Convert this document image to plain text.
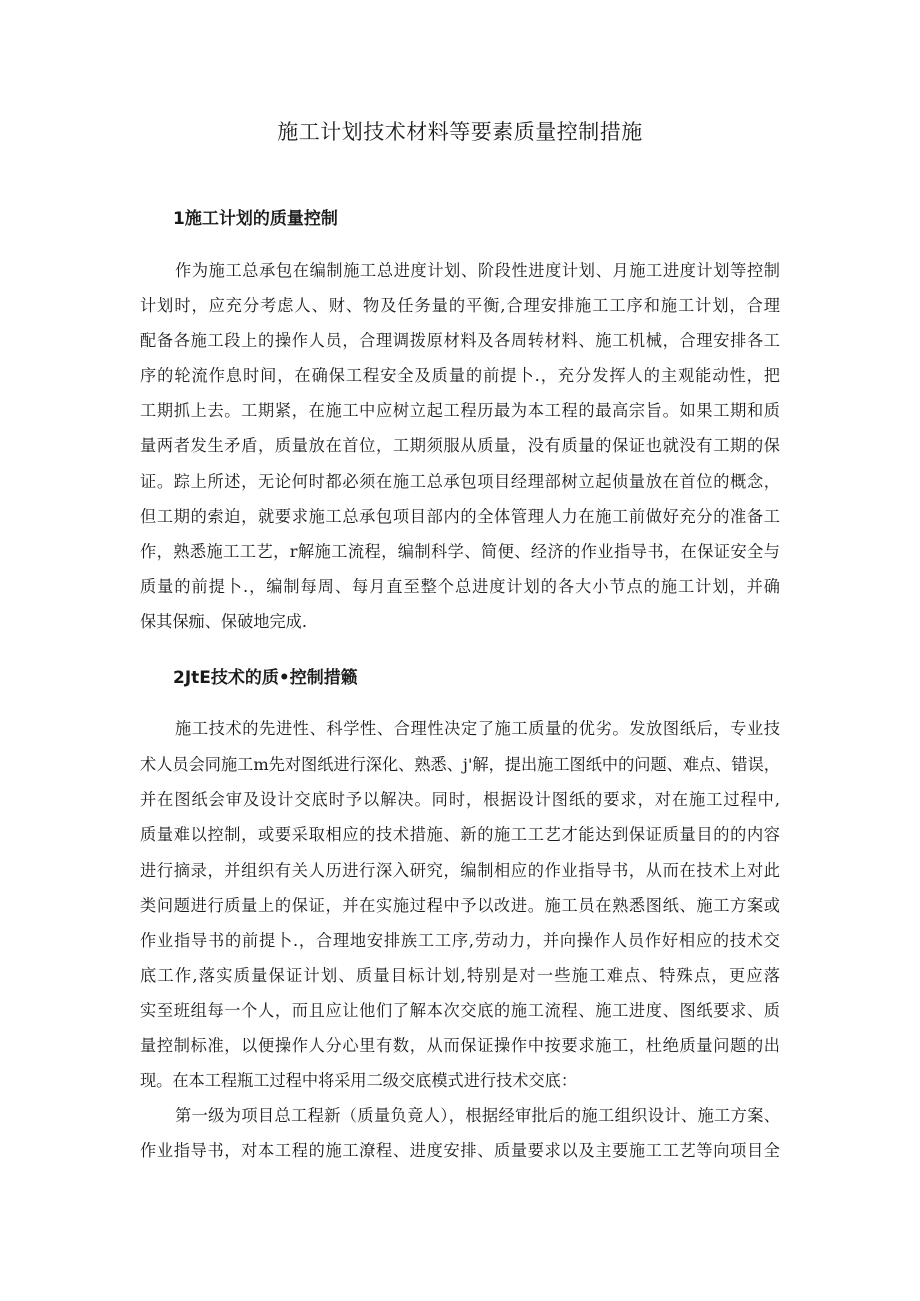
施工计划技术材料等要素质量控制措施
1施工计划的质量控制

作为施工总承包在编制施工总进度计划、阶段性进度计划、月施工进度计划等控制

计划时，应充分考虑人、财、物及任务量的平衡,合理安排施工工序和施工计划，合理

配备各施工段上的操作人员，合理调拨原材料及各周转材料、施工机械，合理安排各工

序的轮流作息时间，在确保工程安全及质量的前提卜.，充分发挥人的主观能动性，把

工期抓上去。工期紧，在施工中应树立起工程历最为本工程的最高宗旨。如果工期和质

量两者发生矛盾，质量放在首位，工期须服从质量，没有质量的保证也就没有工期的保

证。踪上所述，无论何时都必须在施工总承包项目经理部树立起侦量放在首位的概念，

但工期的索迫，就要求施工总承包项目部内的全体管理人力在施工前做好充分的准备工

作，熟悉施工工艺，r解施工流程，编制科学、简便、经济的作业指导书，在保证安全与

质量的前提卜.，编制每周、每月直至整个总进度计划的各大小节点的施工计划，并确

保其保痂、保破地完成.

2JtE技术的质•控制措籁

施工技术的先进性、科学性、合理性决定了施工质量的优劣。发放图纸后，专业技

术人员会同施工m先对图纸进行深化、熟悉、j'解，提出施工图纸中的问题、难点、错误，

并在图纸会审及设计交底时予以解决。同时，根据设计图纸的要求，对在施工过程中,

质量难以控制，或要采取相应的技术措施、新的施工工艺才能达到保证质量目的的内容

进行摘录，并组织有关人历进行深入研究，编制相应的作业指导书，从而在技术上对此

类问题进行质量上的保证，并在实施过程中予以改进。施工员在熟悉图纸、施工方案或

作业指导书的前提卜.，合理地安排族工工序,劳动力，并向操作人员作好相应的技术交

底工作,落实质量保证计划、质量目标计划,特别是对一些施工难点、特殊点，更应落

实至班组每一个人，而且应让他们了解本次交底的施工流程、施工进度、图纸要求、质

量控制标准，以便操作人分心里有数，从而保证操作中按要求施工，杜绝质量问题的出

现。在本工程瓶工过程中将采用二级交底模式进行技术交底：

第一级为项目总工程新（质量负竟人），根据经审批后的施工组织设计、施工方案、

作业指导书，对本工程的施工潦程、进度安排、质量要求以及主要施工工艺等向项目全
